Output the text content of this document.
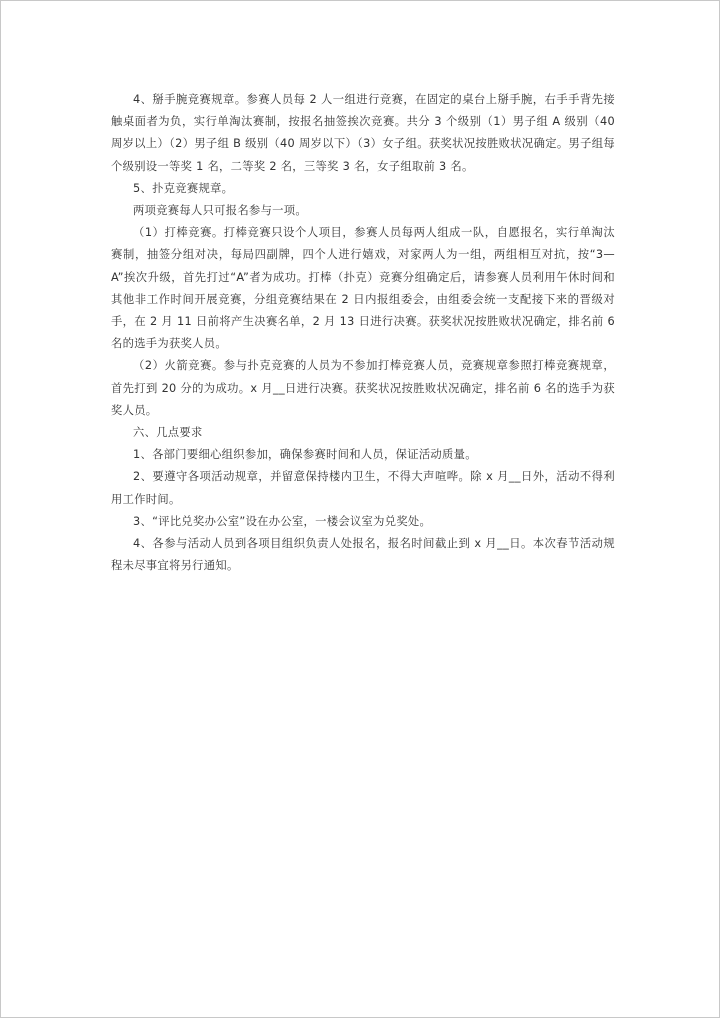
4、掰手腕竞赛规章。参赛人员每 2 人一组进行竞赛，在固定的桌台上掰手腕，右手手背先接触桌面者为负，实行单淘汰赛制，按报名抽签挨次竞赛。共分 3 个级别（1）男子组 A 级别（40 周岁以上）（2）男子组 B 级别（40 周岁以下）（3）女子组。获奖状况按胜败状况确定。男子组每个级别设一等奖 1 名，二等奖 2 名，三等奖 3 名，女子组取前 3 名。

5、扑克竞赛规章。

两项竞赛每人只可报名参与一项。

（1）打棒竞赛。打棒竞赛只设个人项目，参赛人员每两人组成一队，自愿报名，实行单淘汰赛制，抽签分组对决，每局四副牌，四个人进行嬉戏，对家两人为一组，两组相互对抗，按“3—A”挨次升级，首先打过“A”者为成功。打棒（扑克）竞赛分组确定后，请参赛人员利用午休时间和其他非工作时间开展竞赛，分组竞赛结果在 2 日内报组委会，由组委会统一支配接下来的晋级对手，在 2 月 11 日前将产生决赛名单，2 月 13 日进行决赛。获奖状况按胜败状况确定，排名前 6 名的选手为获奖人员。

（2）火箭竞赛。参与扑克竞赛的人员为不参加打棒竞赛人员，竞赛规章参照打棒竞赛规章，首先打到 20 分的为成功。x 月__日进行决赛。获奖状况按胜败状况确定，排名前 6 名的选手为获奖人员。

六、几点要求

1、各部门要细心组织参加，确保参赛时间和人员，保证活动质量。

2、要遵守各项活动规章，并留意保持楼内卫生，不得大声喧哗。除 x 月__日外，活动不得利用工作时间。

3、“评比兑奖办公室”设在办公室，一楼会议室为兑奖处。

4、各参与活动人员到各项目组织负责人处报名，报名时间截止到 x 月__日。本次春节活动规程未尽事宜将另行通知。
